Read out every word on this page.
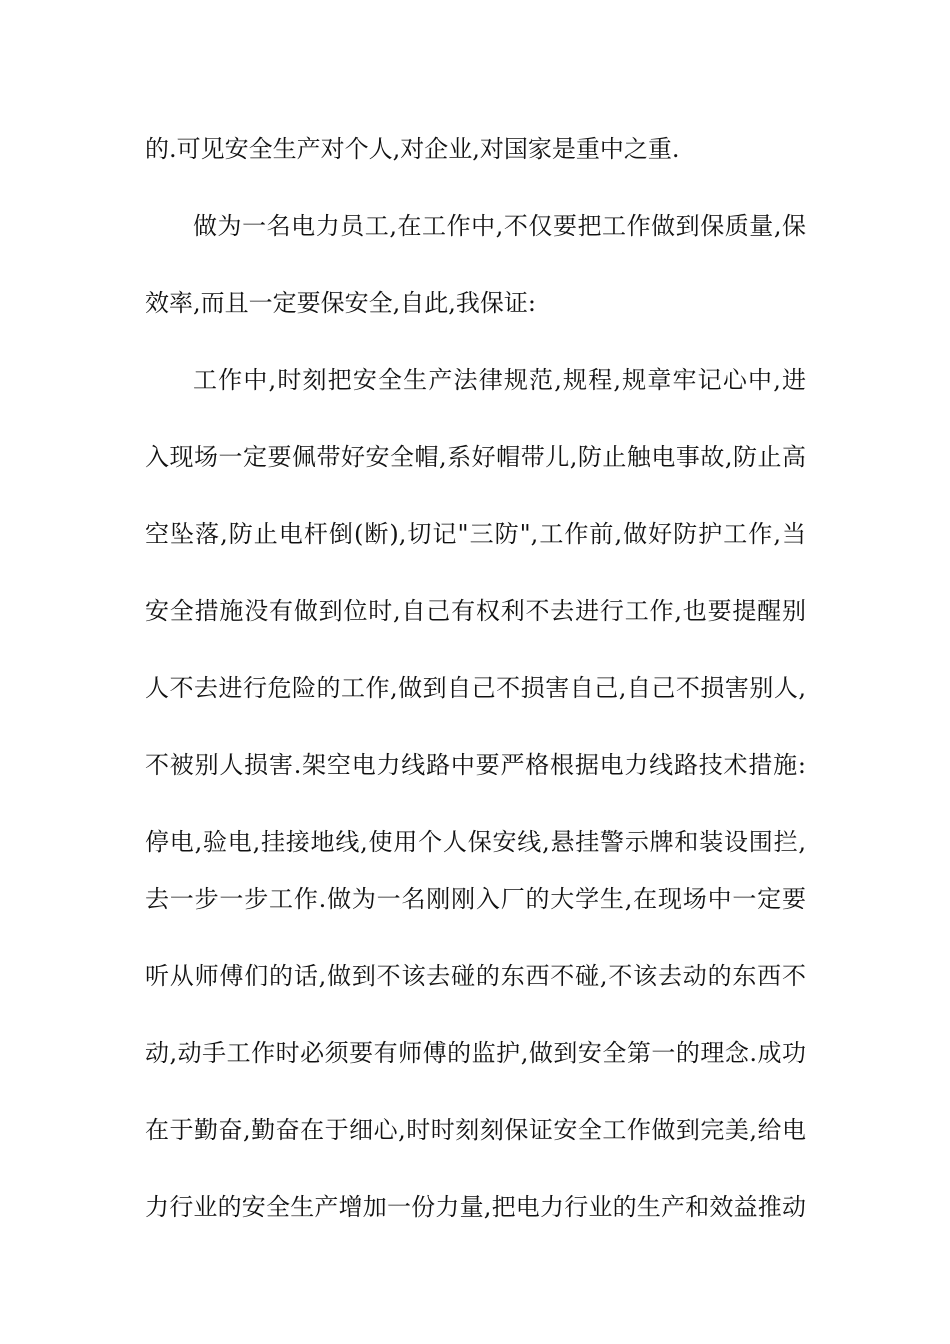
的.可见安全生产对个人,对企业,对国家是重中之重.
做为一名电力员工,在工作中,不仅要把工作做到保质量,保
效率,而且一定要保安全,自此,我保证:
工作中,时刻把安全生产法律规范,规程,规章牢记心中,进
入现场一定要佩带好安全帽,系好帽带儿,防止触电事故,防止高
空坠落,防止电杆倒(断),切记"三防",工作前,做好防护工作,当
安全措施没有做到位时,自己有权利不去进行工作,也要提醒别
人不去进行危险的工作,做到自己不损害自己,自己不损害别人,
不被别人损害.架空电力线路中要严格根据电力线路技术措施:
停电,验电,挂接地线,使用个人保安线,悬挂警示牌和装设围拦,
去一步一步工作.做为一名刚刚入厂的大学生,在现场中一定要
听从师傅们的话,做到不该去碰的东西不碰,不该去动的东西不
动,动手工作时必须要有师傅的监护,做到安全第一的理念.成功
在于勤奋,勤奋在于细心,时时刻刻保证安全工作做到完美,给电
力行业的安全生产增加一份力量,把电力行业的生产和效益推动
